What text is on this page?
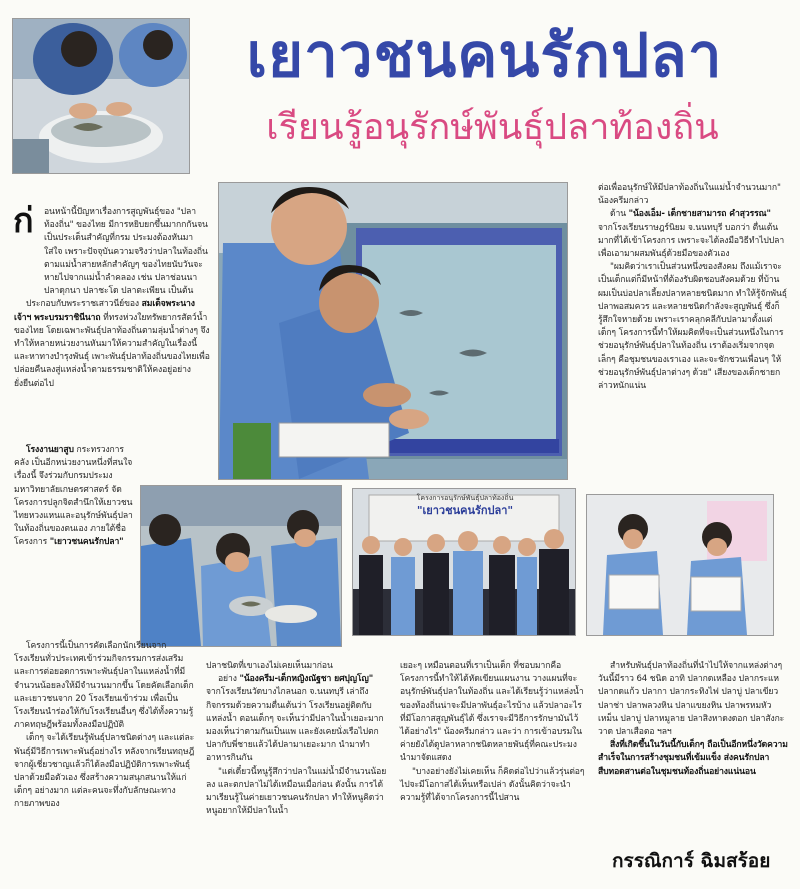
เยาวชนคนรักปลา
เรียนรู้อนุรักษ์พันธุ์ปลาท้องถิ่น
โครงการอนุรักษ์พันธุ์ปลาท้องถิ่น
"เยาวชนคนรักปลา"
ก่	อนหน้านี้ปัญหาเรื่องการสูญพันธุ์ของ "ปลาท้องถิ่น" ของไทย มีการหยิบยกขึ้นมากกกันจนเป็นประเด็นสำคัญที่กรม ประมงต้องหันมาใส่ใจ เพราะปัจจุบันความจริงว่าปลาในท้องถิ่นตามแม่น้ำสายหลักสำคัญๆ ของไทยนับวันจะหายไปจากแม่น้ำลำคลอง เช่น ปลาช่อนนา ปลาดุกนา ปลาชะโด ปลาตะเพียน เป็นต้น

ประกอบกับพระราชเสาวนีย์ของ สมเด็จพระนางเจ้าฯ พระบรมราชินีนาถ ที่ทรงห่วงใยทรัพยากรสัตว์น้ำของไทย โดยเฉพาะพันธุ์ปลาท้องถิ่นตามลุ่มน้ำต่างๆ จึงทำให้หลายหน่วยงานหันมาให้ความสำคัญในเรื่องนี้ และหาทางบำรุงพันธุ์ เพาะพันธุ์ปลาท้องถิ่นของไทยเพื่อปล่อยคืนลงสู่แหล่งน้ำตามธรรมชาติให้คงอยู่อย่างยั่งยืนต่อไป

โรงงานยาสูบ กระทรวงการคลัง เป็นอีกหน่วยงานหนึ่งที่สนใจเรื่องนี้ จึงร่วมกับกรมประมง มหาวิทยาลัยเกษตรศาสตร์ จัดโครงการปลูกจิตสำนึกให้เยาวชนไทยหวงแหนและอนุรักษ์พันธุ์ปลาในท้องถิ่นของตนเอง ภายใต้ชื่อโครงการ "เยาวชนคนรักปลา"

โครงการนี้เป็นการคัดเลือกนักเรียนจากโรงเรียนทั่วประเทศเข้าร่วมกิจกรรมการส่งเสริม และการต่อยอดการเพาะพันธุ์ปลาในแหล่งน้ำที่มีจำนวนน้อยลงให้มีจำนวนมากขึ้น โดยคัดเลือกเด็กและเยาวชนจาก 20 โรงเรียนเข้าร่วม เพื่อเป็นโรงเรียนนำร่องให้กับโรงเรียนอื่นๆ ซึ่งได้ทั้งความรู้ภาคทฤษฎีพร้อมทั้งลงมือปฏิบัติ

เด็กๆ จะได้เรียนรู้พันธุ์ปลาชนิดต่างๆ และแต่ละพันธุ์มีวิธีการเพาะพันธุ์อย่างไร หลังจากเรียนทฤษฎีจากผู้เชี่ยวชาญแล้วก็ได้ลงมือปฏิบัติการเพาะพันธุ์ปลาด้วยมือตัวเอง ซึ่งสร้างความสนุกสนานให้แก่เด็กๆ อย่างมาก แต่ละคนจะทึ่งกับลักษณะทางกายภาพของ

ปลาชนิดที่เขาเองไม่เคยเห็นมาก่อน

อย่าง "น้องครีม-เด็กหญิงณัฐชา ยศปุญโญ" จากโรงเรียนวัดบางไกลนอก จ.นนทบุรี เล่าถึงกิจกรรมด้วยความตื่นเต้นว่า โรงเรียนอยู่ติดกับแหล่งน้ำ ตอนเด็กๆ จะเห็นว่ามีปลาในน้ำเยอะมาก มองเห็นว่าตามกันเป็นแพ และยังเคยนั่งเรือไปตกปลากับพี่ชายแล้วได้ปลามาเยอะมาก นำมาทำอาหารกินกัน

"แต่เดี๋ยวนี้หนูรู้สึกว่าปลาในแม่น้ำมีจำนวนน้อยลง และตกปลาไม่ได้เหมือนเมื่อก่อน ดังนั้น การได้มาเรียนรู้ในค่ายเยาวชนคนรักปลา ทำให้หนูคิดว่าหนูอยากให้มีปลาในน้ำ

เยอะๆ เหมือนตอนที่เราเป็นเด็ก ที่ชอบมากคือโครงการนี้ทำให้ได้หัดเขียนแผนงาน วางแผนที่จะอนุรักษ์พันธุ์ปลาในท้องถิ่น และได้เรียนรู้ว่าแหล่งน้ำของท้องถิ่นน่าจะมีปลาพันธุ์อะไรบ้าง แล้วปลาอะไรที่มีโอกาสสูญพันธุ์ได้ ซึ่งเราจะมีวิธีการรักษามันไว้ได้อย่างไร" น้องครีมกล่าว และว่า การเข้าอบรมในค่ายยังได้ดูปลาหลากชนิดหลายพันธุ์ที่คณะประมงนำมาจัดแสดง

"บางอย่างยังไม่เคยเห็น ก็คิดต่อไปว่าแล้วรุ่นต่อๆ ไปจะมีโอกาสได้เห็นหรือเปล่า ดังนั้นคิดว่าจะนำความรู้ที่ได้จากโครงการนี้ไปสาน

สำหรับพันธุ์ปลาท้องถิ่นที่นำไปให้จากแหล่งต่างๆ วันนี้มีราว 64 ชนิด อาทิ ปลากดเหลือง ปลากระแห ปลากดแก้ว ปลากา ปลากระทิงไฟ ปลาบู่ ปลาเขียว ปลาช่า ปลาพลวงหิน ปลาแขยงหิน ปลาพรหมหัวเหม็น ปลาบู่ ปลาหมูลาย ปลาสิงหาดงดอก ปลาสังกะวาด ปลาเสือตอ ฯลฯ

สิ่งที่เกิดขึ้นในวันนี้กับเด็กๆ ถือเป็นอีกหนึ่งวัดความสำเร็จในการสร้างชุมชนที่เข้มแข็ง ส่งคนรักปลาสืบทอดสานต่อในชุมชนท้องถิ่นอย่างแน่นอน

ต่อเพื่ออนุรักษ์ให้มีปลาท้องถิ่นในแม่น้ำจำนวนมาก" น้องครีมกล่าว

ด้าน "น้องเอ็ม- เด็กชายสามารถ คำสุวรรณ" จากโรงเรียนราษฎร์นิยม จ.นนทบุรี บอกว่า ตื่นเต้นมากที่ได้เข้าโครงการ เพราะจะได้ลงมือวิธีทำไปปลาเพื่อเอามาผสมพันธุ์ด้วยมือของตัวเอง

"ผมคิดว่าเราเป็นส่วนหนึ่งของสังคม ถึงแม้เราจะเป็นเด็กแต่ก็มีหน้าที่ต้องรับผิดชอบสังคมด้วย ที่บ้านผมเป็นบ่อปลาเลี้ยงปลาหลายชนิดมาก ทำให้รู้จักพันธุ์ปลาพอสมควร และหลายชนิดกำลังจะสูญพันธุ์ ซึ่งก็รู้สึกใจหายด้วย เพราะเราคลุกคลีกับปลามาตั้งแต่เด็กๆ โครงการนี้ทำให้ผมคิดที่จะเป็นส่วนหนึ่งในการช่วยอนุรักษ์พันธุ์ปลาในท้องถิ่น เราต้องเริ่มจากจุดเล็กๆ คือชุมชนของเราเอง และจะชักชวนเพื่อนๆ ให้ช่วยอนุรักษ์พันธุ์ปลาต่างๆ ด้วย" เสียงของเด็กชายกล่าวหนักแน่น

กรรณิการ์ ฉิมสร้อย
